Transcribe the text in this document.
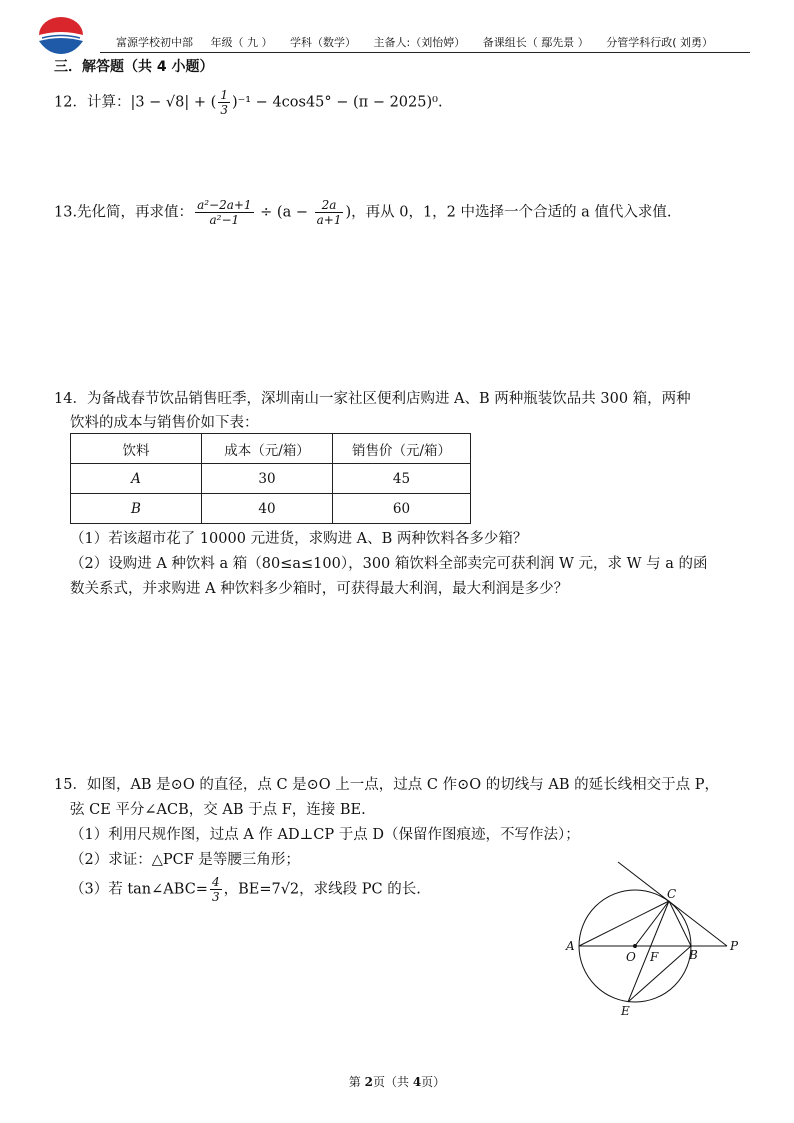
富源学校初中部 年级（ 九 ） 学科（数学） 主备人:（刘怡婷） 备课组长（ 鄢先景 ） 分管学科行政( 刘勇）
三．解答题（共 4 小题）
12．计算：|3 − √8| + ( $\frac{1}{3} )^{-1} - 4\cos 45^\circ - (\pi - 2025)^0$.
13.先化简，再求值： $\frac{\text{a²−2a+1}}{\text{a²−1}} \div (a - \frac{2a}{a+1}$ )，再从 0，1，2 中选择一个合适的 a 值代入求值.
14．为备战春节饮品销售旺季，深圳南山一家社区便利店购进 A、B 两种瓶装饮品共 300 箱，两种
饮料的成本与销售价如下表：
饮料	成本（元/箱）	销售价（元/箱）
A	30	45
B	40	60
（1）若该超市花了 10000 元进货，求购进 A、B 两种饮料各多少箱？
（2）设购进 A 种饮料 a 箱（80≤a≤100），300 箱饮料全部卖完可获利润 W 元，求 W 与 a 的函
数关系式，并求购进 A 种饮料多少箱时，可获得最大利润，最大利润是多少？
15．如图，AB 是⊙O 的直径，点 C 是⊙O 上一点，过点 C 作⊙O 的切线与 AB 的延长线相交于点 P，
弦 CE 平分∠ACB，交 AB 于点 F，连接 BE.
（1）利用尺规作图，过点 A 作 AD⊥CP 于点 D（保留作图痕迹，不写作法）；
（2）求证：△PCF 是等腰三角形；
（3）若 tan∠ABC= $\frac{4}{3}$ ，BE=7√2，求线段 PC 的长.
A
O F	B
P
C
E
第 2页（共 4页）
